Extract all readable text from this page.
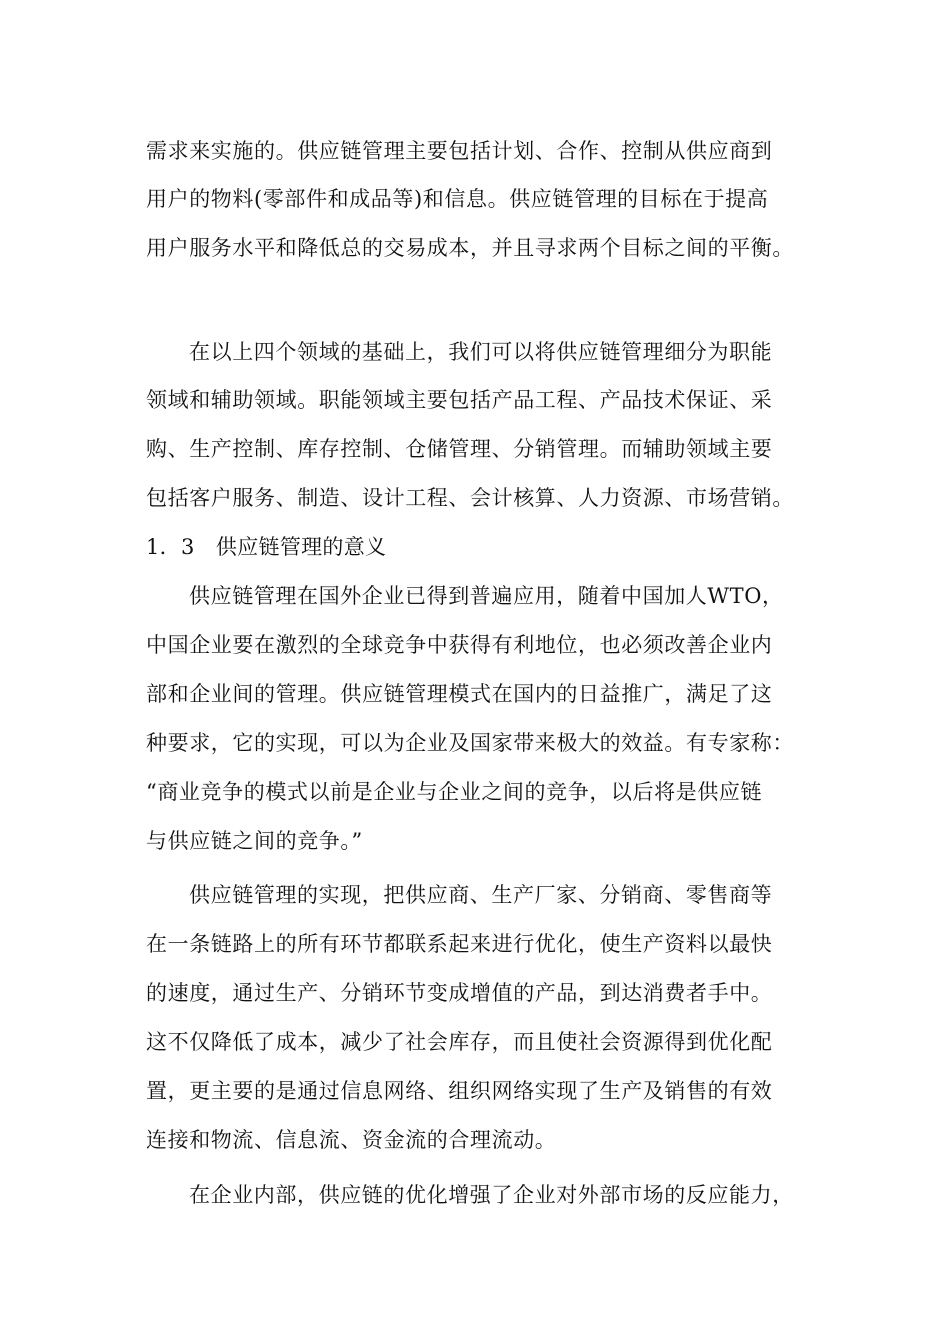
需求来实施的。供应链管理主要包括计划、合作、控制从供应商到
用户的物料(零部件和成品等)和信息。供应链管理的目标在于提高
用户服务水平和降低总的交易成本，并且寻求两个目标之间的平衡。
在以上四个领域的基础上，我们可以将供应链管理细分为职能
领域和辅助领域。职能领域主要包括产品工程、产品技术保证、采
购、生产控制、库存控制、仓储管理、分销管理。而辅助领域主要
包括客户服务、制造、设计工程、会计核算、人力资源、市场营销。
1．3　供应链管理的意义
供应链管理在国外企业已得到普遍应用，随着中国加人WTO，
中国企业要在激烈的全球竞争中获得有利地位，也必须改善企业内
部和企业间的管理。供应链管理模式在国内的日益推广，满足了这
种要求，它的实现，可以为企业及国家带来极大的效益。有专家称：
“商业竞争的模式以前是企业与企业之间的竞争，以后将是供应链
与供应链之间的竞争。”
供应链管理的实现，把供应商、生产厂家、分销商、零售商等
在一条链路上的所有环节都联系起来进行优化，使生产资料以最快
的速度，通过生产、分销环节变成增值的产品，到达消费者手中。
这不仅降低了成本，减少了社会库存，而且使社会资源得到优化配
置，更主要的是通过信息网络、组织网络实现了生产及销售的有效
连接和物流、信息流、资金流的合理流动。
在企业内部，供应链的优化增强了企业对外部市场的反应能力，
